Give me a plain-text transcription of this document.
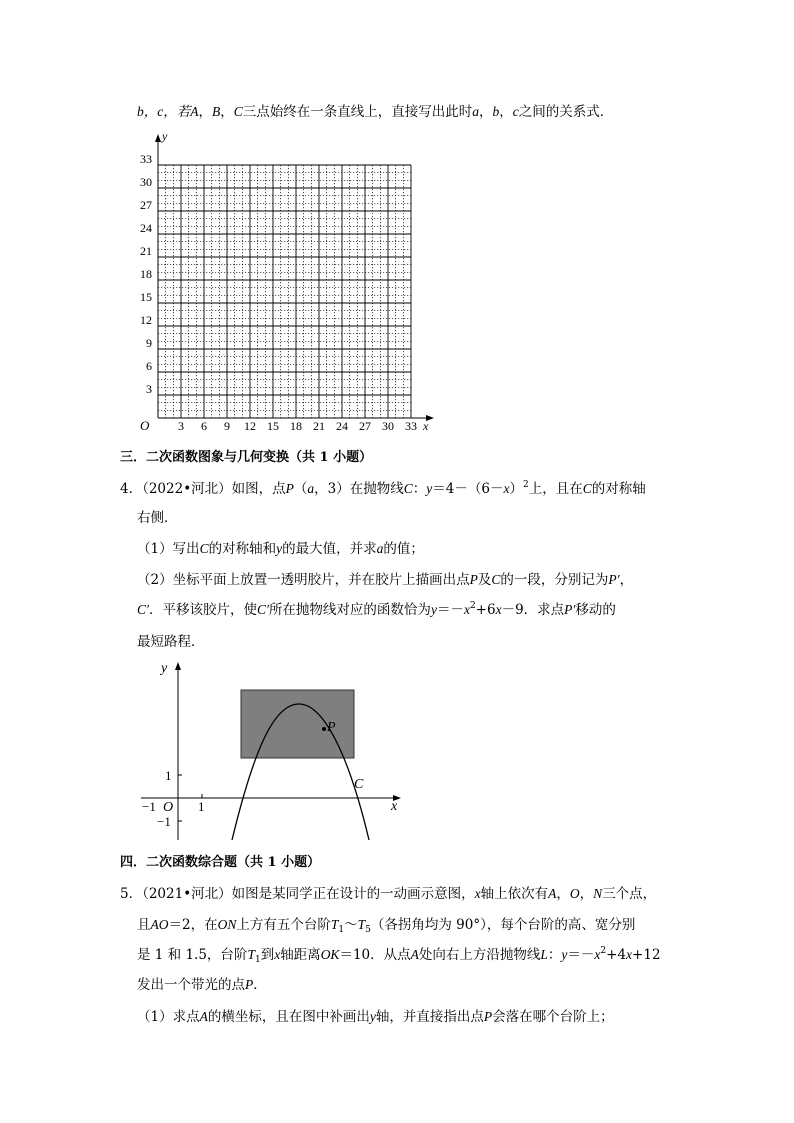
b，c，若A，B，C三点始终在一条直线上，直接写出此时a，b，c之间的关系式．
y
x
O
33
30
27
24
21
18
15
12
9
6
3
3 6 9 12 15 18 21 24 27 30 33
三．二次函数图象与几何变换（共 1 小题）
4．（2022•河北）如图，点P（a，3）在抛物线C：$y=4-(6-x)^2$上，且在C的对称轴
右侧．
（1）写出C的对称轴和y的最大值，并求a的值；
（2）坐标平面上放置一透明胶片，并在胶片上描画出点P及C的一段，分别记为P′，
C′．平移该胶片，使C′所在抛物线对应的函数恰为$y=-x^2+6x-9$．求点P′移动的
最短路程．
P
C
y
x
O
−1	1
1
−1
四．二次函数综合题（共 1 小题）
5．（2021•河北）如图是某同学正在设计的一动画示意图，x轴上依次有A，O，N三个点，
且AO＝2，在ON上方有五个台阶$T_1\sim T_5$（各拐角均为 90°），每个台阶的高、宽分别
是 1 和 1.5，台阶$T_1$到x轴距离OK＝10．从点A处向右上方沿抛物线L：$y=-x^2+4x+12$
发出一个带光的点P．
（1）求点A的横坐标，且在图中补画出y轴，并直接指出点P会落在哪个台阶上；
